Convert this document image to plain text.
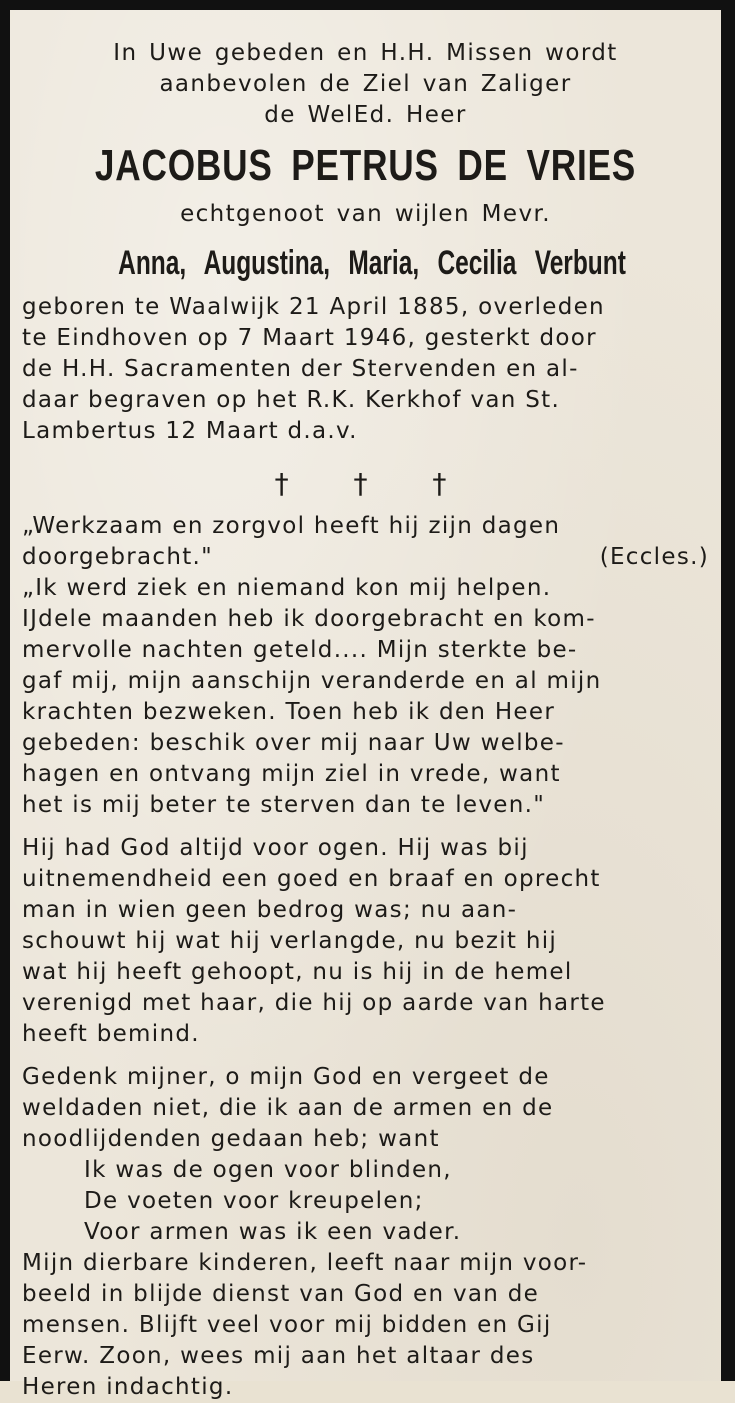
In Uwe gebeden en H.H. Missen wordt

aanbevolen de Ziel van Zaliger

de WelEd. Heer

JACOBUS PETRUS DE VRIES

echtgenoot van wijlen Mevr.

Anna, Augustina, Maria, Cecilia Verbunt

geboren te Waalwijk 21 April 1885, overleden

te Eindhoven op 7 Maart 1946, gesterkt door

de H.H. Sacramenten der Stervenden en al-

daar begraven op het R.K. Kerkhof van St.

Lambertus 12 Maart d.a.v.

† † †

„Werkzaam en zorgvol heeft hij zijn dagen

doorgebracht."	(Eccles.)

„Ik werd ziek en niemand kon mij helpen.

IJdele maanden heb ik doorgebracht en kom-

mervolle nachten geteld.... Mijn sterkte be-

gaf mij, mijn aanschijn veranderde en al mijn

krachten bezweken. Toen heb ik den Heer

gebeden: beschik over mij naar Uw welbe-

hagen en ontvang mijn ziel in vrede, want

het is mij beter te sterven dan te leven."

Hij had God altijd voor ogen. Hij was bij

uitnemendheid een goed en braaf en oprecht

man in wien geen bedrog was; nu aan-

schouwt hij wat hij verlangde, nu bezit hij

wat hij heeft gehoopt, nu is hij in de hemel

verenigd met haar, die hij op aarde van harte

heeft bemind.

Gedenk mijner, o mijn God en vergeet de

weldaden niet, die ik aan de armen en de

noodlijdenden gedaan heb; want

Ik was de ogen voor blinden,

De voeten voor kreupelen;

Voor armen was ik een vader.

Mijn dierbare kinderen, leeft naar mijn voor-

beeld in blijde dienst van God en van de

mensen. Blijft veel voor mij bidden en Gij

Eerw. Zoon, wees mij aan het altaar des

Heren indachtig.
